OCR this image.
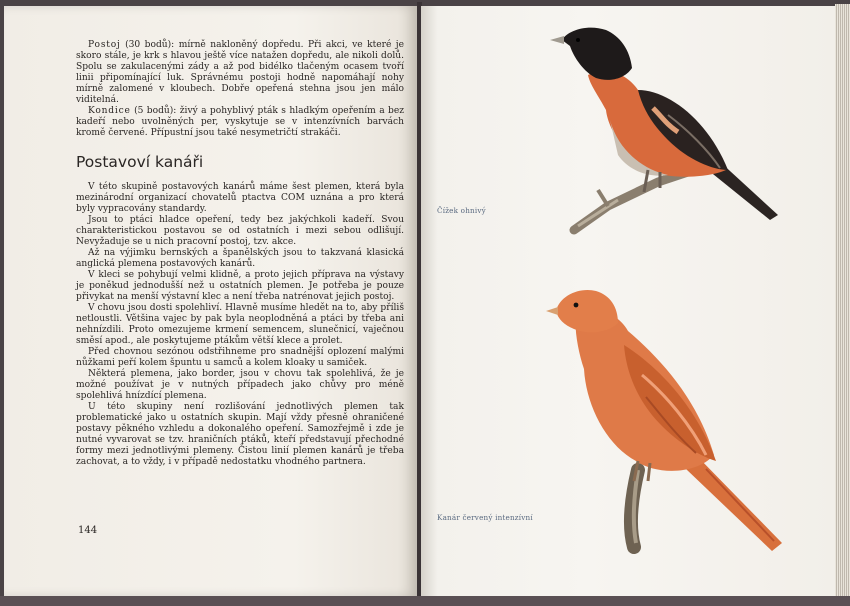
Postoj (30 bodů): mírně nakloněný dopředu. Při akci, ve které je skoro stále, je krk s hlavou ještě více natažen dopředu, ale nikoli dolů. Spolu se zakulacenými zády a až pod bidélko tlačeným ocasem tvoří linii připomínající luk. Správnému postoji hodně napomáhají nohy mírně zalomené v kloubech. Dobře opeřená stehna jsou jen málo viditelná.

Kondice (5 bodů): živý a pohyblivý pták s hladkým opeřením a bez kadeří nebo uvolněných per, vyskytuje se v intenzívních barvách kromě červené. Přípustní jsou také nesymetričtí strakáči.

Postavoví kanáři

V této skupině postavových kanárů máme šest plemen, která byla mezinárodní organizací chovatelů ptactva COM uznána a pro která byly vypracovány standardy.

Jsou to ptáci hladce opeření, tedy bez jakýchkoli kadeří. Svou charakteristickou postavou se od ostatních i mezi sebou odlišují. Nevyžaduje se u nich pracovní postoj, tzv. akce.

Až na výjimku bernských a španělských jsou to takzvaná klasická anglická plemena postavových kanárů.

V kleci se pohybují velmi klidně, a proto jejich příprava na výstavy je poněkud jednodušší než u ostatních plemen. Je potřeba je pouze přivykat na menší výstavní klec a není třeba natrénovat jejich postoj.

V chovu jsou dosti spolehliví. Hlavně musíme hledět na to, aby příliš netloustli. Většina vajec by pak byla neoplodněná a ptáci by třeba ani nehnízdili. Proto omezujeme krmení semencem, slunečnicí, vaječnou směsí apod., ale poskytujeme ptákům větší klece a prolet.

Před chovnou sezónou odstřihneme pro snadnější oplození malými nůžkami peří kolem špuntu u samců a kolem kloaky u samiček.

Některá plemena, jako border, jsou v chovu tak spolehlivá, že je možné používat je v nutných případech jako chůvy pro méně spolehlivá hnízdící plemena.

U této skupiny není rozlišování jednotlivých plemen tak problematické jako u ostatních skupin. Mají vždy přesně ohraničené postavy pěkného vzhledu a dokonalého opeření. Samozřejmě i zde je nutné vyvarovat se tzv. hraničních ptáků, kteří představují přechodné formy mezi jednotlivými plemeny. Čistou linií plemen kanárů je třeba zachovat, a to vždy, i v případě nedostatku vhodného partnera.

144
Čížek ohnivý
Kanár červený intenzívní
